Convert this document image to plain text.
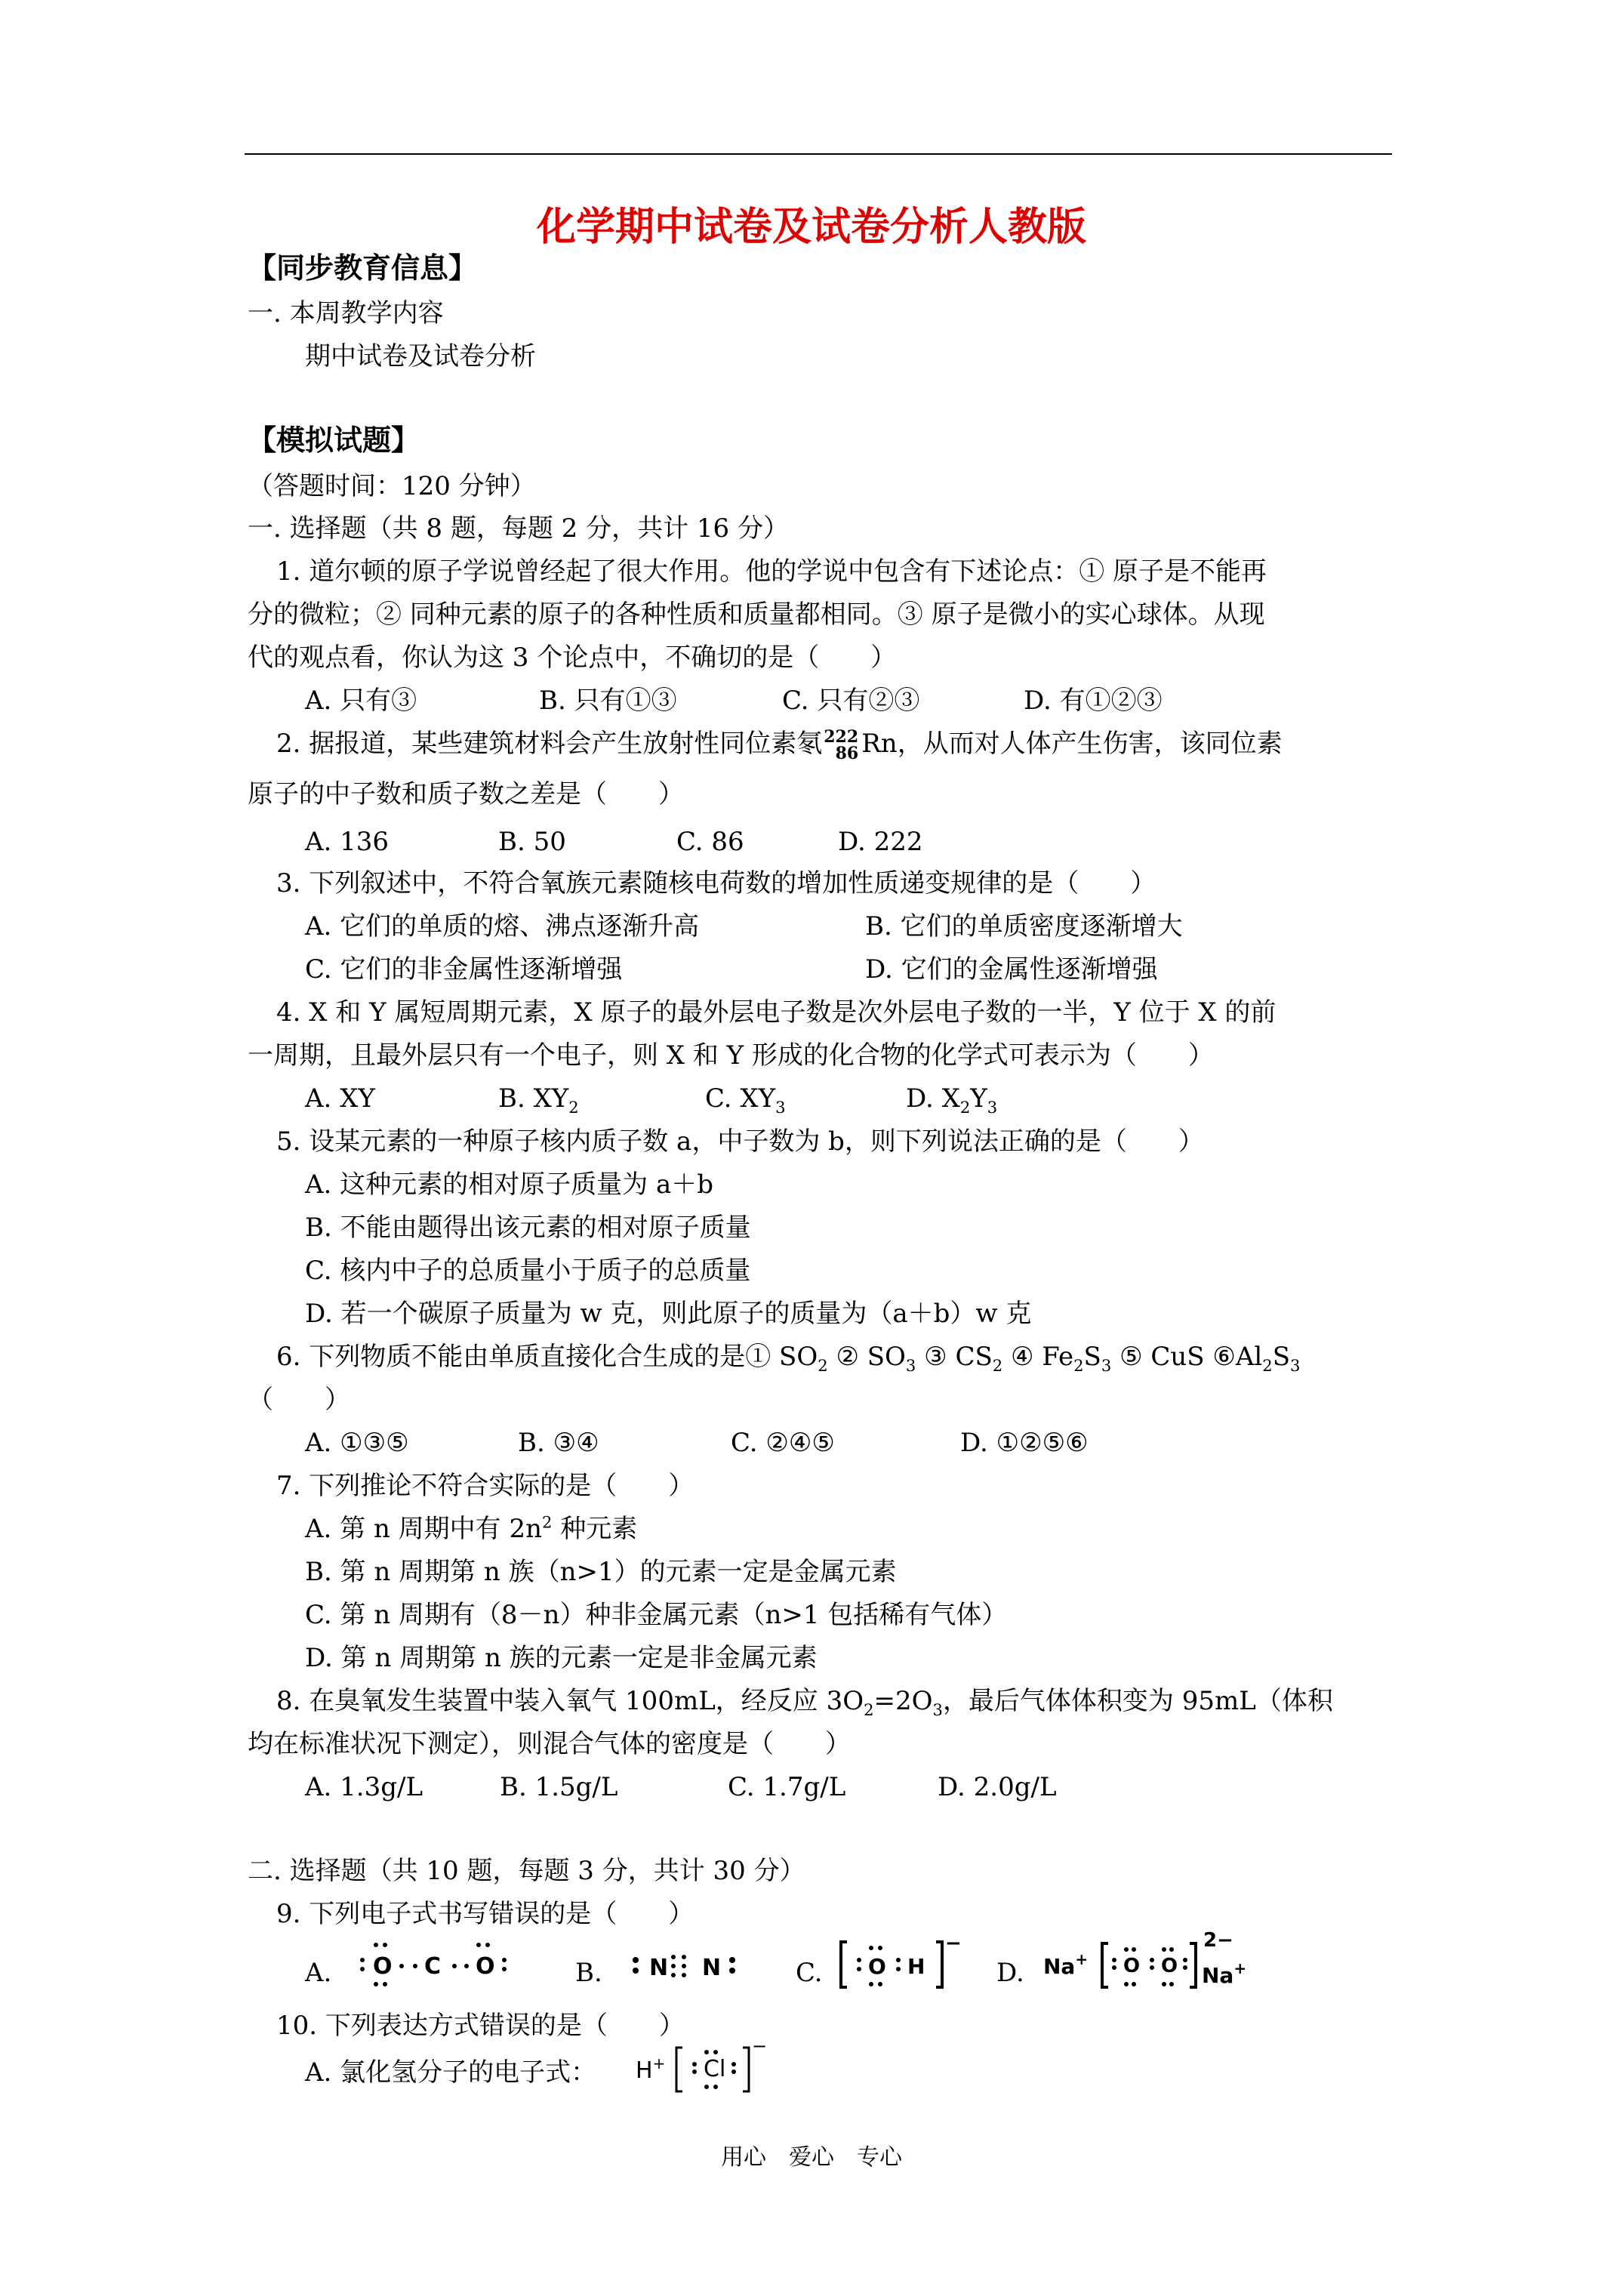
化学期中试卷及试卷分析人教版
【同步教育信息】
一. 本周教学内容
期中试卷及试卷分析
【模拟试题】
（答题时间：120 分钟）
一. 选择题（共 8 题，每题 2 分，共计 16 分）
1. 道尔顿的原子学说曾经起了很大作用。他的学说中包含有下述论点：① 原子是不能再
分的微粒；② 同种元素的原子的各种性质和质量都相同。③ 原子是微小的实心球体。从现
代的观点看，你认为这 3 个论点中，不确切的是（　　）
A. 只有③	B. 只有①③	C. 只有②③	D. 有①②③
2. 据报道，某些建筑材料会产生放射性同位素氡 222
86 Rn，从而对人体产生伤害，该同位素
原子的中子数和质子数之差是（　　）
A. 136	B. 50	C. 86	D. 222
3. 下列叙述中，不符合氧族元素随核电荷数的增加性质递变规律的是（　　）
A. 它们的单质的熔、沸点逐渐升高	B. 它们的单质密度逐渐增大
C. 它们的非金属性逐渐增强	D. 它们的金属性逐渐增强
4. X 和 Y 属短周期元素，X 原子的最外层电子数是次外层电子数的一半，Y 位于 X 的前
一周期，且最外层只有一个电子，则 X 和 Y 形成的化合物的化学式可表示为（　　）
A. XY	B. $XY_2$	C. $XY_3$	D. $X_2Y_3$
5. 设某元素的一种原子核内质子数 a，中子数为 b，则下列说法正确的是（　　）
A. 这种元素的相对原子质量为 a＋b
B. 不能由题得出该元素的相对原子质量
C. 核内中子的总质量小于质子的总质量
D. 若一个碳原子质量为 w 克，则此原子的质量为（a＋b）w 克
6. 下列物质不能由单质直接化合生成的是① $SO_2$ ② $SO_3$ ③ $CS_2$ ④ $Fe_2S_3$ ⑤ CuS $⑥Al_2S_3$
（　　）
A. ①③⑤	B. ③④	C. ②④⑤	D. ①②⑤⑥
7. 下列推论不符合实际的是（　　）
A. 第 n 周期中有 $2n^2$ 种元素
B. 第 n 周期第 n 族（n>1）的元素一定是金属元素
C. 第 n 周期有（8－n）种非金属元素（n>1 包括稀有气体）
D. 第 n 周期第 n 族的元素一定是非金属元素
8. 在臭氧发生装置中装入氧气 100mL，经反应 $3O_2=2O_3$，最后气体体积变为 95mL（体积
均在标准状况下测定），则混合气体的密度是（　　）
A. 1.3g/L	B. 1.5g/L	C. 1.7g/L	D. 2.0g/L
二. 选择题（共 10 题，每题 3 分，共计 30 分）
9. 下列电子式书写错误的是（　　）
A. O C O	B. N N	C. O H
−
D. Na+ O O
2−
Na+
10. 下列表达方式错误的是（　　）
A. 氯化氢分子的电子式： H+ Cl
−
用心　爱心　专心
